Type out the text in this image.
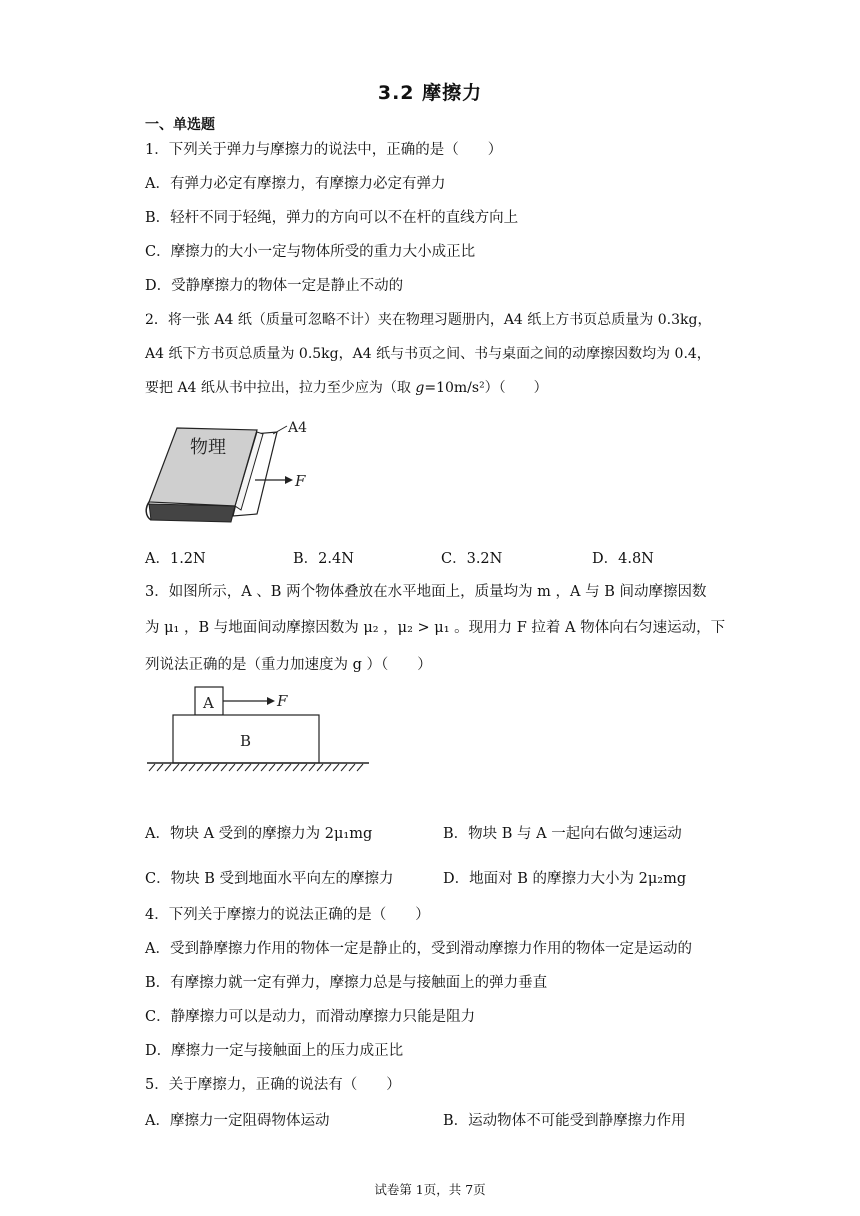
3.2 摩擦力
一、单选题
1．下列关于弹力与摩擦力的说法中，正确的是（　　）
A．有弹力必定有摩擦力，有摩擦力必定有弹力
B．轻杆不同于轻绳，弹力的方向可以不在杆的直线方向上
C．摩擦力的大小一定与物体所受的重力大小成正比
D．受静摩擦力的物体一定是静止不动的
2．将一张 A4 纸（质量可忽略不计）夹在物理习题册内，A4 纸上方书页总质量为 0.3kg，
A4 纸下方书页总质量为 0.5kg，A4 纸与书页之间、书与桌面之间的动摩擦因数均为 0.4，
要把 A4 纸从书中拉出，拉力至少应为（取 g=10m/s²）（　　）
物理
A4
F
A．1.2N	B．2.4N	C．3.2N	D．4.8N
3．如图所示，A 、B 两个物体叠放在水平地面上，质量均为 m ，A 与 B 间动摩擦因数
为 μ₁ ，B 与地面间动摩擦因数为 μ₂ ，μ₂ > μ₁ 。现用力 F 拉着 A 物体向右匀速运动，下
列说法正确的是（重力加速度为 g ）（　　）
A	F
B
A．物块 A 受到的摩擦力为 2μ₁mg	B．物块 B 与 A 一起向右做匀速运动
C．物块 B 受到地面水平向左的摩擦力	D．地面对 B 的摩擦力大小为 2μ₂mg
4．下列关于摩擦力的说法正确的是（　　）
A．受到静摩擦力作用的物体一定是静止的，受到滑动摩擦力作用的物体一定是运动的
B．有摩擦力就一定有弹力，摩擦力总是与接触面上的弹力垂直
C．静摩擦力可以是动力，而滑动摩擦力只能是阻力
D．摩擦力一定与接触面上的压力成正比
5．关于摩擦力，正确的说法有（　　）
A．摩擦力一定阻碍物体运动	B．运动物体不可能受到静摩擦力作用
试卷第 1页，共 7页
